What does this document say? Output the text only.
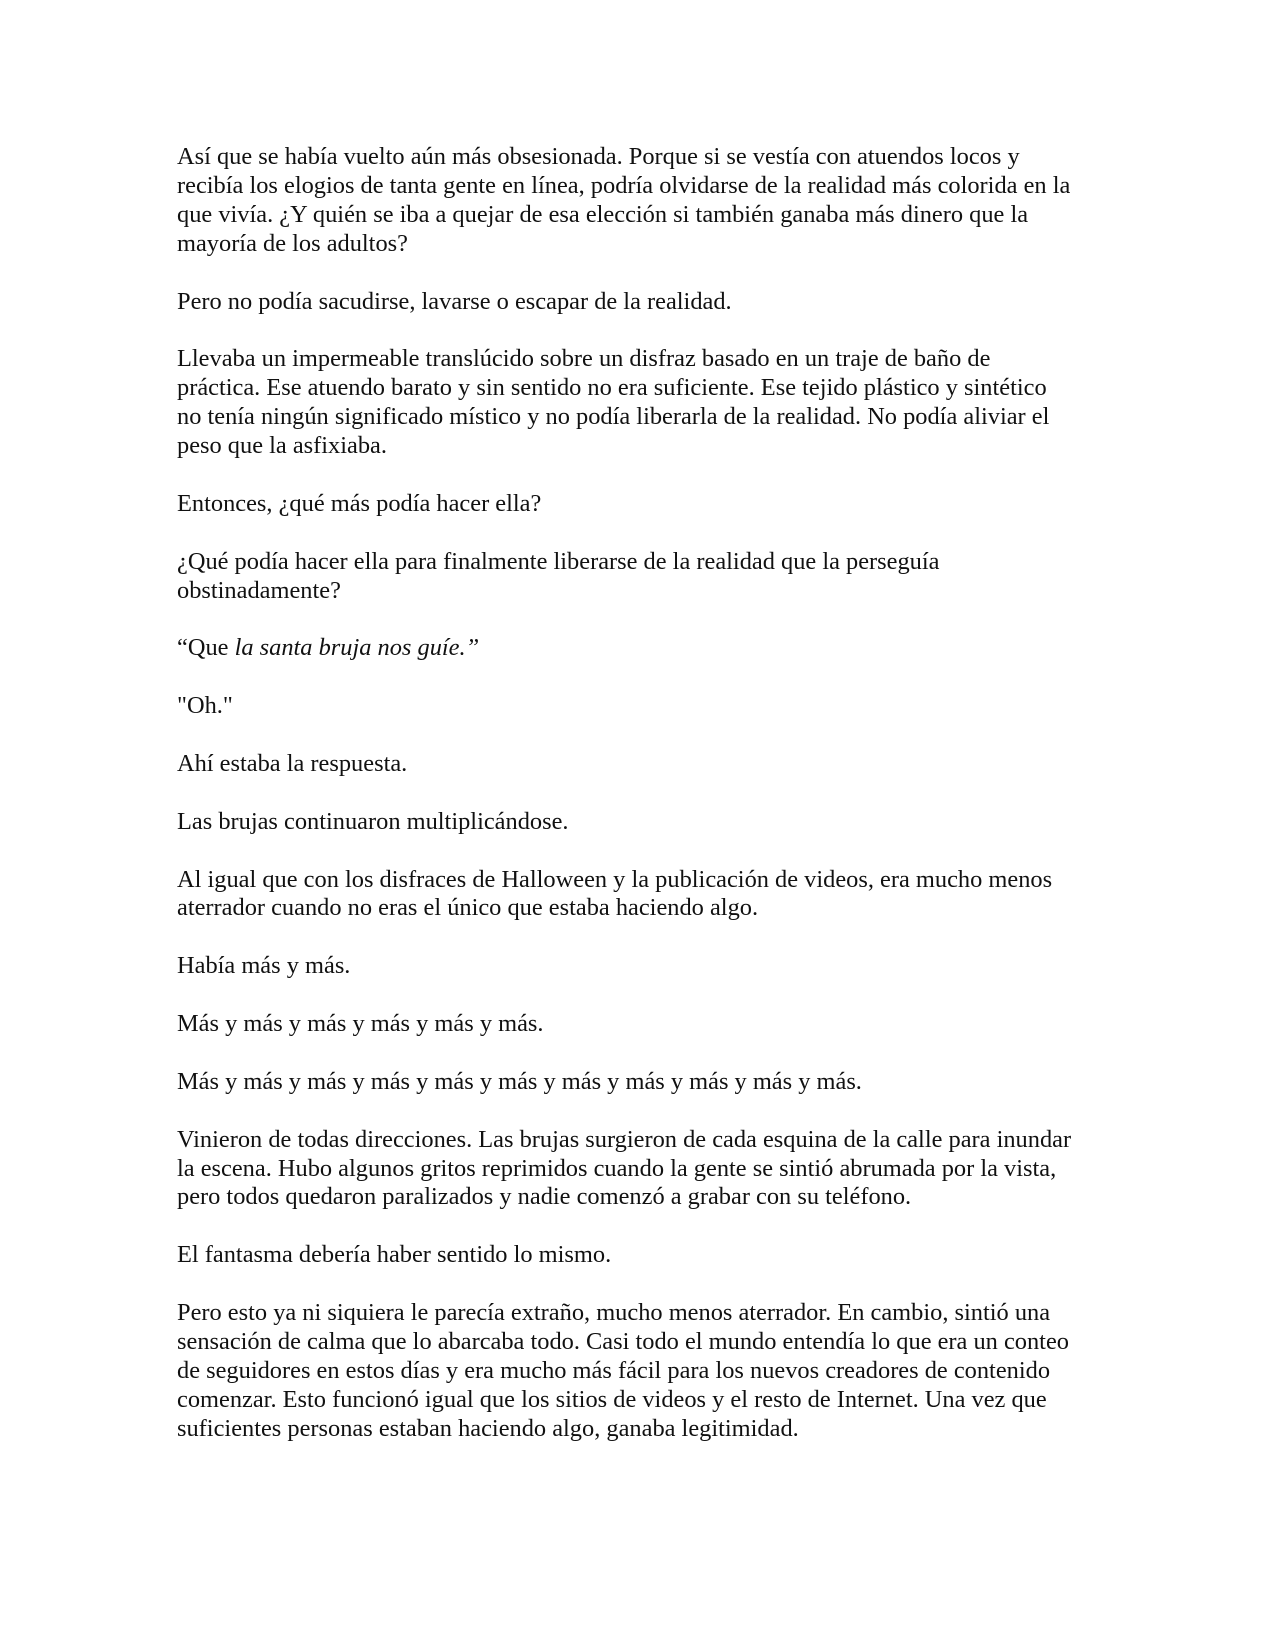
Así que se había vuelto aún más obsesionada. Porque si se vestía con atuendos locos y
recibía los elogios de tanta gente en línea, podría olvidarse de la realidad más colorida en la
que vivía. ¿Y quién se iba a quejar de esa elección si también ganaba más dinero que la
mayoría de los adultos?

Pero no podía sacudirse, lavarse o escapar de la realidad.

Llevaba un impermeable translúcido sobre un disfraz basado en un traje de baño de
práctica. Ese atuendo barato y sin sentido no era suficiente. Ese tejido plástico y sintético
no tenía ningún significado místico y no podía liberarla de la realidad. No podía aliviar el
peso que la asfixiaba.

Entonces, ¿qué más podía hacer ella?

¿Qué podía hacer ella para finalmente liberarse de la realidad que la perseguía
obstinadamente?

“Que la santa bruja nos guíe.”

"Oh."

Ahí estaba la respuesta.

Las brujas continuaron multiplicándose.

Al igual que con los disfraces de Halloween y la publicación de videos, era mucho menos
aterrador cuando no eras el único que estaba haciendo algo.

Había más y más.

Más y más y más y más y más y más.

Más y más y más y más y más y más y más y más y más y más y más.

Vinieron de todas direcciones. Las brujas surgieron de cada esquina de la calle para inundar
la escena. Hubo algunos gritos reprimidos cuando la gente se sintió abrumada por la vista,
pero todos quedaron paralizados y nadie comenzó a grabar con su teléfono.

El fantasma debería haber sentido lo mismo.

Pero esto ya ni siquiera le parecía extraño, mucho menos aterrador. En cambio, sintió una
sensación de calma que lo abarcaba todo. Casi todo el mundo entendía lo que era un conteo
de seguidores en estos días y era mucho más fácil para los nuevos creadores de contenido
comenzar. Esto funcionó igual que los sitios de videos y el resto de Internet. Una vez que
suficientes personas estaban haciendo algo, ganaba legitimidad.
